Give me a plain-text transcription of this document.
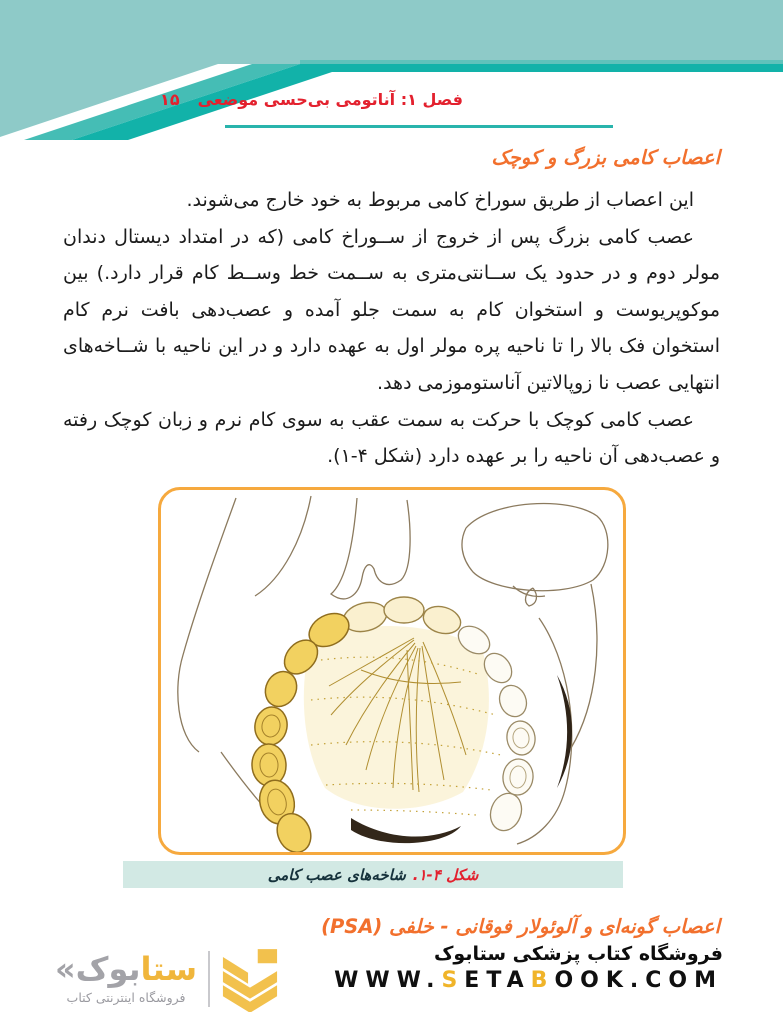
فصل ۱: آناتومی بی‌حسی موضعی۱۵
اعصاب کامی بزرگ و کوچک

این اعصاب از طریق سوراخ کامی مربوط به خود خارج می‌شوند.

عصب کامی بزرگ پس از خروج از ســوراخ کامی (که در امتداد دیستال دندان مولر دوم و در حدود یک ســانتی‌متری به ســمت خط وســط کام قرار دارد.) بین موکوپریوست و استخوان کام به سمت جلو آمده و عصب‌دهی بافت نرم کام استخوان فک بالا را تا ناحیه پره مولر اول به عهده دارد و در این ناحیه با شــاخه‌های انتهایی عصب نا زوپالاتین آناستوموزمی دهد.

عصب کامی کوچک با حرکت به سمت عقب به سوی کام نرم و زبان کوچک رفته و عصب‌دهی آن ناحیه را بر عهده دارد (شکل ۴-۱).

شکل ۴-۱.
شاخه‌های عصب کامی
اعصاب گونه‌ای و آلوئولار فوقانی - خلفی (PSA)
فروشگاه کتاب پزشکی ستابوک
WWW.SETABOOK.COM
ستابوک«
فروشگاه اینترنتی کتاب
